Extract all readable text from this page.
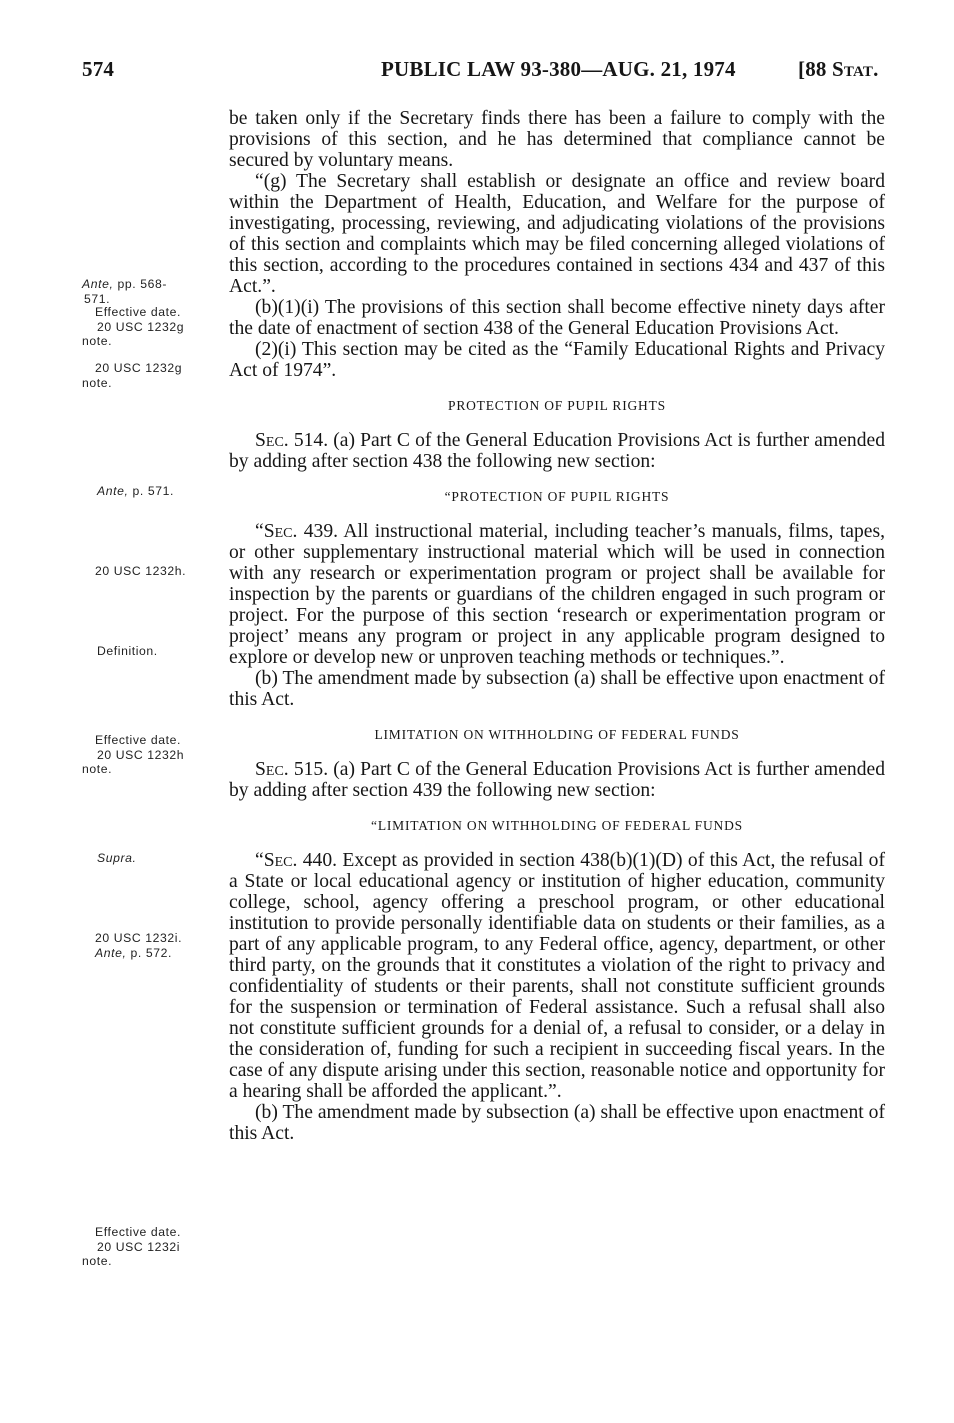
574	PUBLIC LAW 93-380—AUG. 21, 1974	[88 Stat.
Ante, pp. 568-
571.
Effective date.
20 USC 1232g
note.
20 USC 1232g
note.
Ante, p. 571.
20 USC 1232h.
Definition.
Effective date.
20 USC 1232h
note.
Supra.
20 USC 1232i.
Ante, p. 572.
Effective date.
20 USC 1232i
note.

be taken only if the Secretary finds there has been a failure to comply with the provisions of this section, and he has determined that compliance cannot be secured by voluntary means.

“(g) The Secretary shall establish or designate an office and review board within the Department of Health, Education, and Welfare for the purpose of investigating, processing, reviewing, and adjudicating violations of the provisions of this section and complaints which may be filed concerning alleged violations of this section, according to the procedures contained in sections 434 and 437 of this Act.”.

(b)(1)(i) The provisions of this section shall become effective ninety days after the date of enactment of section 438 of the General Education Provisions Act.

(2)(i) This section may be cited as the “Family Educational Rights and Privacy Act of 1974”.

PROTECTION OF PUPIL RIGHTS

Sec. 514. (a) Part C of the General Education Provisions Act is further amended by adding after section 438 the following new section:

“PROTECTION OF PUPIL RIGHTS

“Sec. 439. All instructional material, including teacher’s manuals, films, tapes, or other supplementary instructional material which will be used in connection with any research or experimentation program or project shall be available for inspection by the parents or guardians of the children engaged in such program or project. For the purpose of this section ‘research or experimentation program or project’ means any program or project in any applicable program designed to explore or develop new or unproven teaching methods or techniques.”.

(b) The amendment made by subsection (a) shall be effective upon enactment of this Act.

LIMITATION ON WITHHOLDING OF FEDERAL FUNDS

Sec. 515. (a) Part C of the General Education Provisions Act is further amended by adding after section 439 the following new section:

“LIMITATION ON WITHHOLDING OF FEDERAL FUNDS

“Sec. 440. Except as provided in section 438(b)(1)(D) of this Act, the refusal of a State or local educational agency or institution of higher education, community college, school, agency offering a preschool program, or other educational institution to provide personally identifiable data on students or their families, as a part of any applicable program, to any Federal office, agency, department, or other third party, on the grounds that it constitutes a violation of the right to privacy and confidentiality of students or their parents, shall not constitute sufficient grounds for the suspension or termination of Federal assistance. Such a refusal shall also not constitute sufficient grounds for a denial of, a refusal to consider, or a delay in the consideration of, funding for such a recipient in succeeding fiscal years. In the case of any dispute arising under this section, reasonable notice and opportunity for a hearing shall be afforded the applicant.”.

(b) The amendment made by subsection (a) shall be effective upon enactment of this Act.
